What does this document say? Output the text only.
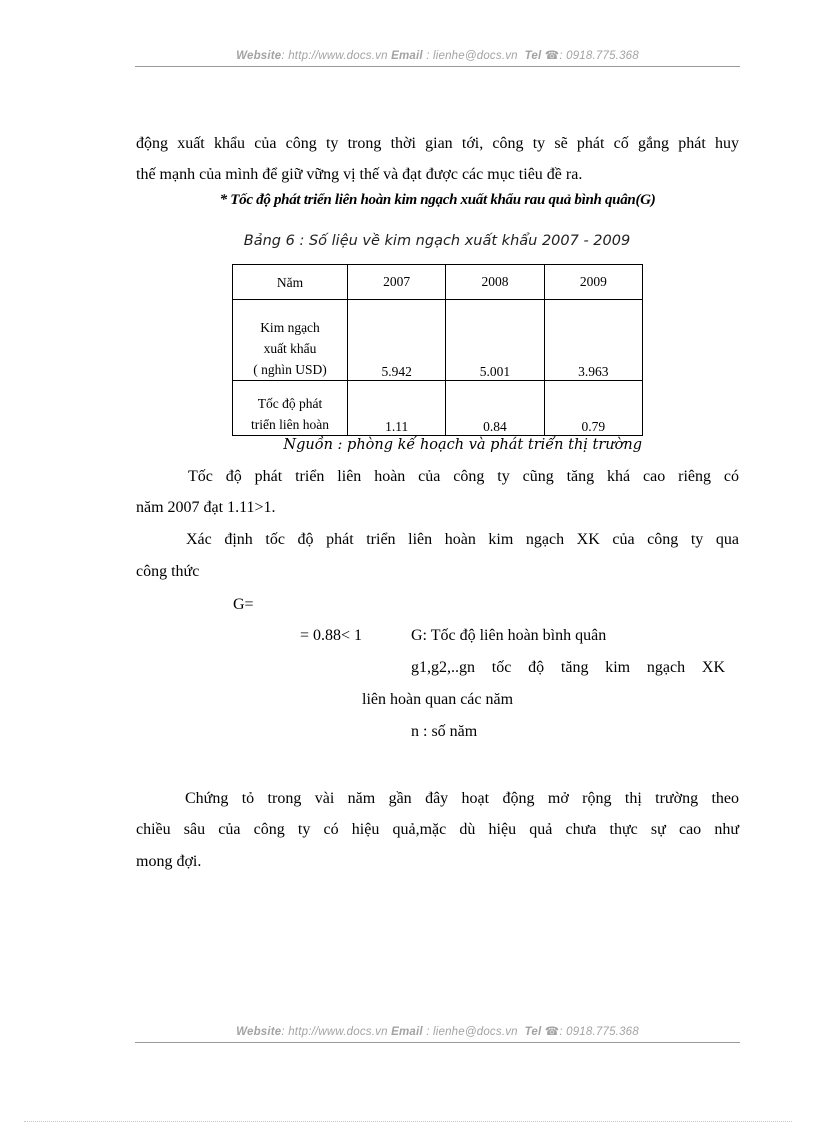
Website: http://www.docs.vn Email : lienhe@docs.vn Tel ☎: 0918.775.368
động xuất khẩu của công ty trong thời gian tới, công ty sẽ phát cố gắng phát huy
thế mạnh của mình để giữ vững vị thế và đạt được các mục tiêu đề ra.
* Tốc độ phát triển liên hoàn kim ngạch xuất khẩu rau quả bình quân(G)
Bảng 6 : Số liệu về kim ngạch xuất khẩu 2007 - 2009
Năm	2007	2008	2009

Kim ngạch
xuất khẩu
( nghìn USD)	5.942	5.001	3.963

Tốc độ phát
triển liên hoàn	1.11	0.84	0.79
Nguồn : phòng kế hoạch và phát triển thị trường
Tốc độ phát triển liên hoàn của công ty cũng tăng khá cao riêng có
năm 2007 đạt 1.11>1.
Xác định tốc độ phát triển liên hoàn kim ngạch XK của công ty qua
công thức
G=
= 0.88< 1	G: Tốc độ liên hoàn bình quân
g1,g2,..gn tốc độ tăng kim ngạch XK
liên hoàn quan các năm
n : số năm
Chứng tỏ trong vài năm gần đây hoạt động mở rộng thị trường theo
chiều sâu của công ty có hiệu quả,mặc dù hiệu quả chưa thực sự cao như
mong đợi.
Website: http://www.docs.vn Email : lienhe@docs.vn Tel ☎: 0918.775.368
